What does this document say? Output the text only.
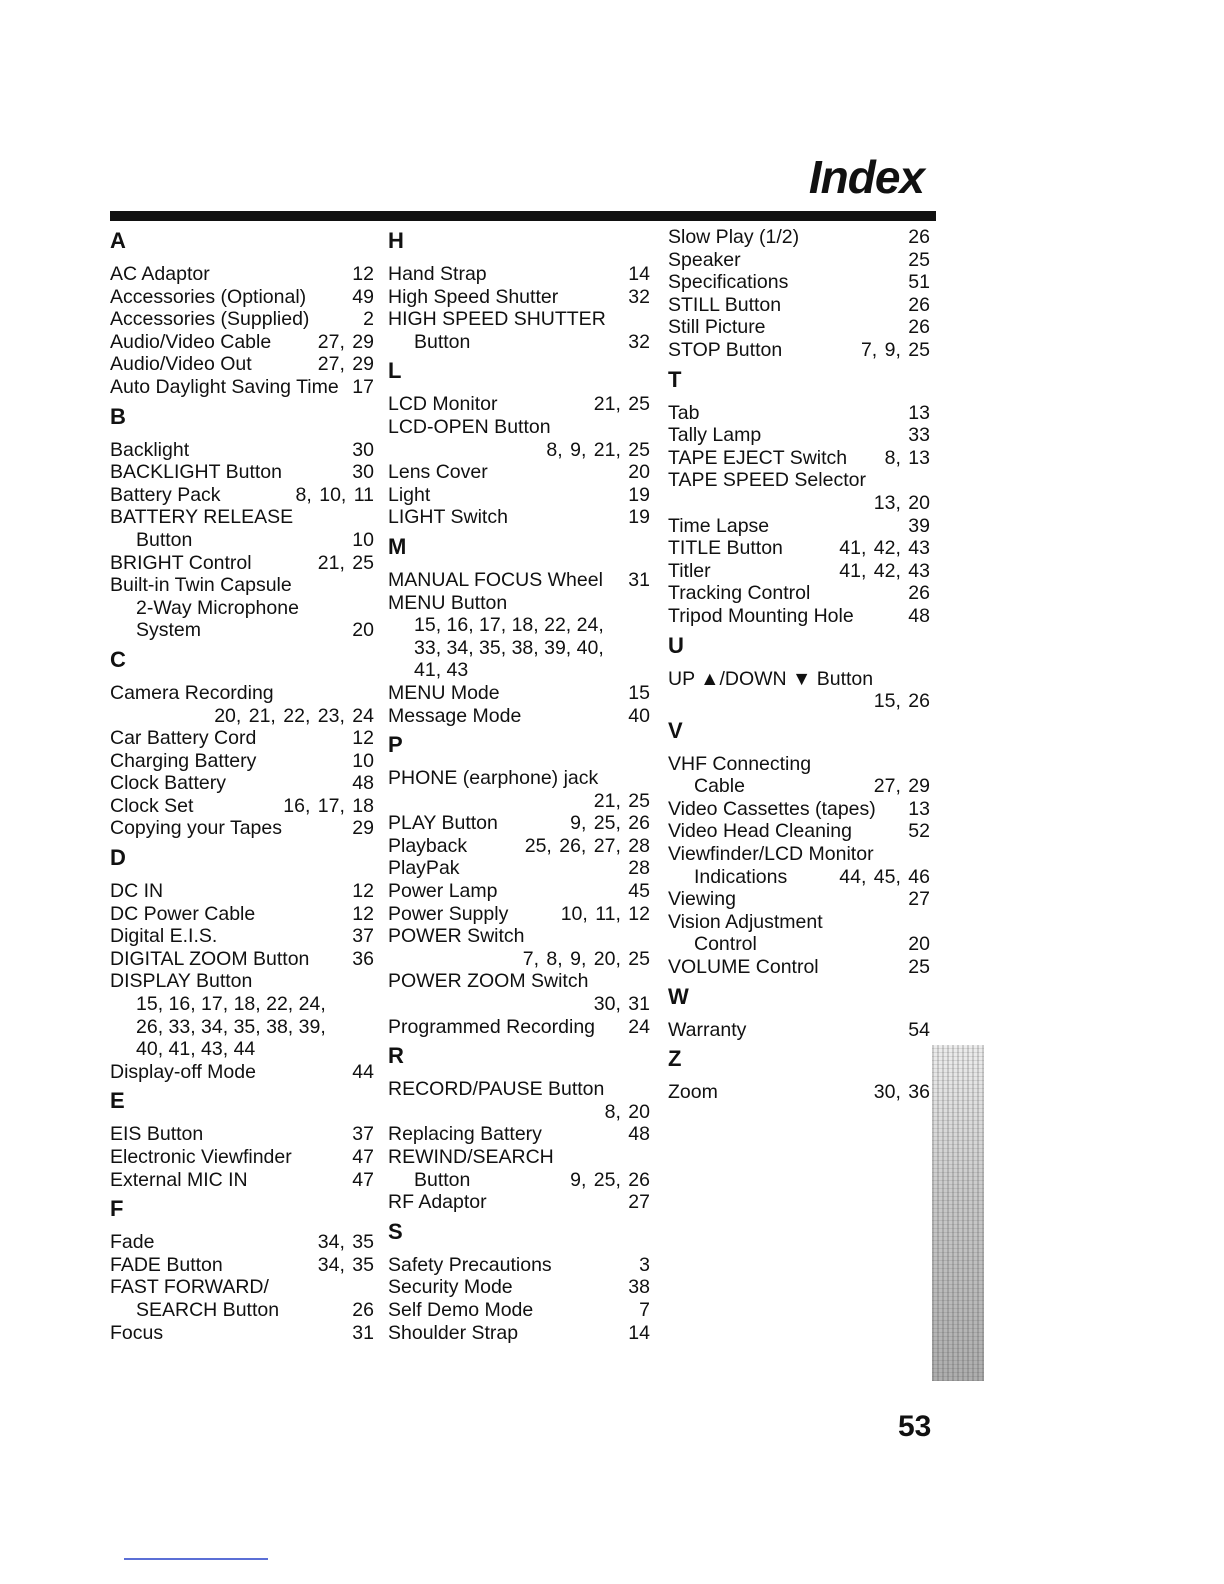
Index
A
AC Adaptor	12
Accessories (Optional)	49
Accessories (Supplied)	2
Audio/Video Cable	27, 29
Audio/Video Out	27, 29
Auto Daylight Saving Time 17
B
Backlight	30
BACKLIGHT Button	30
Battery Pack	8, 10, 11
BATTERY RELEASE
Button	10
BRIGHT Control	21, 25
Built-in Twin Capsule
2-Way Microphone
System	20
C
Camera Recording
20, 21, 22, 23, 24
Car Battery Cord	12
Charging Battery	10
Clock Battery	48
Clock Set	16, 17, 18
Copying your Tapes	29
D
DC IN	12
DC Power Cable	12
Digital E.I.S.	37
DIGITAL ZOOM Button	36
DISPLAY Button
15, 16, 17, 18, 22, 24,
26, 33, 34, 35, 38, 39,
40, 41, 43, 44
Display-off Mode	44
E
EIS Button	37
Electronic Viewfinder	47
External MIC IN	47
F
Fade	34, 35
FADE Button	34, 35
FAST FORWARD/
SEARCH Button	26
Focus	31
H
Hand Strap	14
High Speed Shutter	32
HIGH SPEED SHUTTER
Button	32
L
LCD Monitor	21, 25
LCD-OPEN Button
8, 9, 21, 25
Lens Cover	20
Light	19
LIGHT Switch	19
M
MANUAL FOCUS Wheel	31
MENU Button
15, 16, 17, 18, 22, 24,
33, 34, 35, 38, 39, 40,
41, 43
MENU Mode	15
Message Mode	40
P
PHONE (earphone) jack
21, 25
PLAY Button	9, 25, 26
Playback	25, 26, 27, 28
PlayPak	28
Power Lamp	45
Power Supply	10, 11, 12
POWER Switch
7, 8, 9, 20, 25
POWER ZOOM Switch
30, 31
Programmed Recording	24
R
RECORD/PAUSE Button
8, 20
Replacing Battery	48
REWIND/SEARCH
Button	9, 25, 26
RF Adaptor	27
S
Safety Precautions	3
Security Mode	38
Self Demo Mode	7
Shoulder Strap	14
Slow Play (1/2)	26
Speaker	25
Specifications	51
STILL Button	26
Still Picture	26
STOP Button	7, 9, 25
T
Tab	13
Tally Lamp	33
TAPE EJECT Switch	8, 13
TAPE SPEED Selector
13, 20
Time Lapse	39
TITLE Button	41, 42, 43
Titler	41, 42, 43
Tracking Control	26
Tripod Mounting Hole	48
U
UP ▲/DOWN ▼ Button
15, 26
V
VHF Connecting
Cable	27, 29
Video Cassettes (tapes)	13
Video Head Cleaning	52
Viewfinder/LCD Monitor
Indications	44, 45, 46
Viewing	27
Vision Adjustment
Control	20
VOLUME Control	25
W
Warranty	54
Z
Zoom	30, 36

53
